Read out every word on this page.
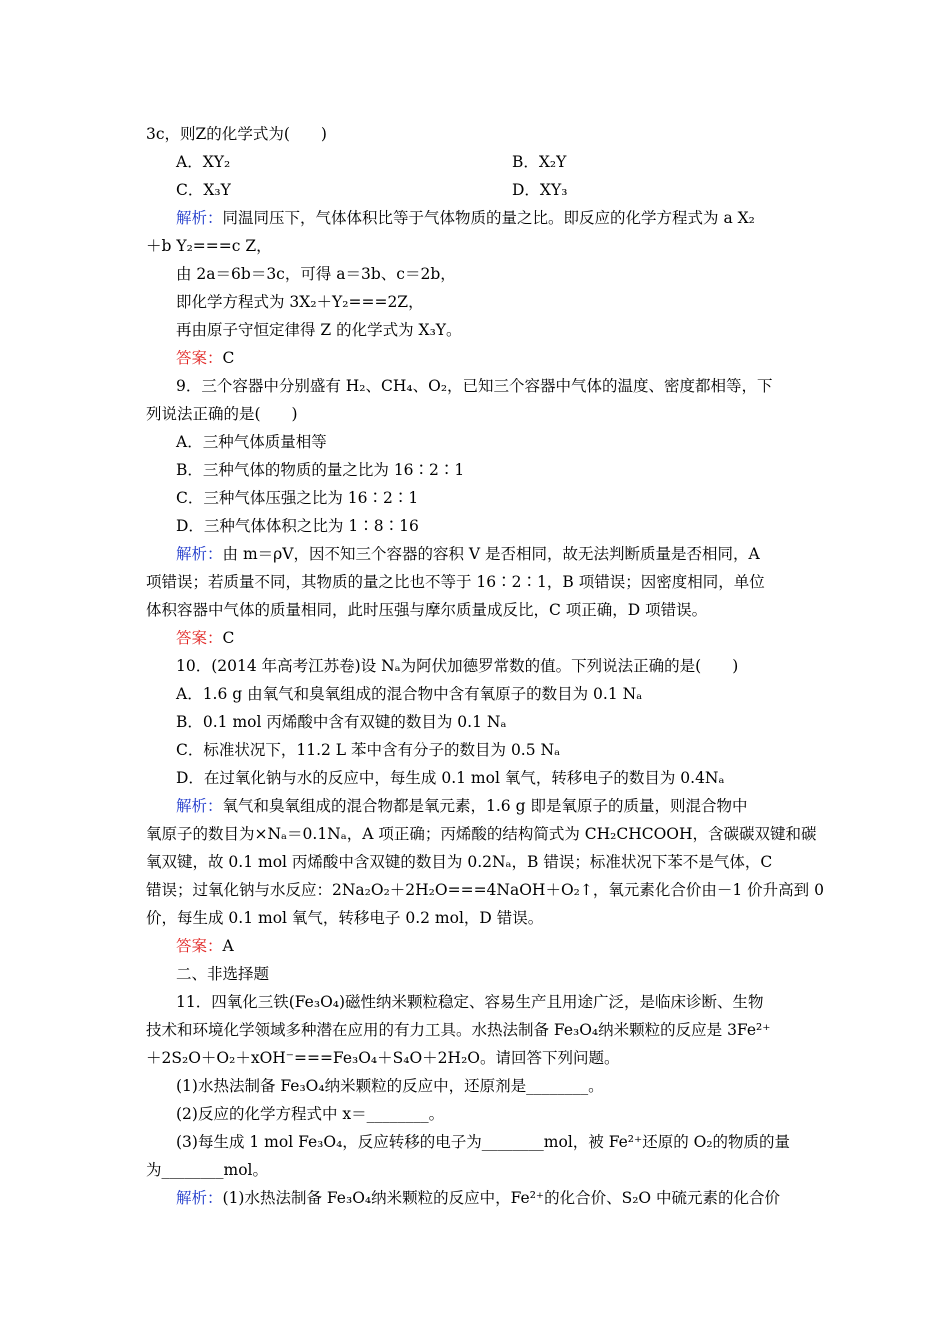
3c，则Z的化学式为(　　)
A．XY₂	B．X₂Y
C．X₃Y	D．XY₃
解析：同温同压下，气体体积比等于气体物质的量之比。即反应的化学方程式为 a X₂
＋b Y₂===c Z，
由 2a＝6b＝3c，可得 a＝3b、c＝2b，
即化学方程式为 3X₂＋Y₂===2Z，
再由原子守恒定律得 Z 的化学式为 X₃Y。
答案：C
9．三个容器中分别盛有 H₂、CH₄、O₂，已知三个容器中气体的温度、密度都相等，下
列说法正确的是(　　)
A．三种气体质量相等
B．三种气体的物质的量之比为 16∶2∶1
C．三种气体压强之比为 16∶2∶1
D．三种气体体积之比为 1∶8∶16
解析：由 m＝ρV，因不知三个容器的容积 V 是否相同，故无法判断质量是否相同，A
项错误；若质量不同，其物质的量之比也不等于 16∶2∶1，B 项错误；因密度相同，单位
体积容器中气体的质量相同，此时压强与摩尔质量成反比，C 项正确，D 项错误。
答案：C
10．(2014 年高考江苏卷)设 Nₐ为阿伏加德罗常数的值。下列说法正确的是(　　)
A．1.6 g 由氧气和臭氧组成的混合物中含有氧原子的数目为 0.1 Nₐ
B．0.1 mol 丙烯酸中含有双键的数目为 0.1 Nₐ
C．标准状况下，11.2 L 苯中含有分子的数目为 0.5 Nₐ
D．在过氧化钠与水的反应中，每生成 0.1 mol 氧气，转移电子的数目为 0.4Nₐ
解析：氧气和臭氧组成的混合物都是氧元素，1.6 g 即是氧原子的质量，则混合物中
氧原子的数目为×Nₐ＝0.1Nₐ，A 项正确；丙烯酸的结构简式为 CH₂CHCOOH，含碳碳双键和碳
氧双键，故 0.1 mol 丙烯酸中含双键的数目为 0.2Nₐ，B 错误；标准状况下苯不是气体，C
错误；过氧化钠与水反应：2Na₂O₂＋2H₂O===4NaOH＋O₂↑，氧元素化合价由－1 价升高到 0
价，每生成 0.1 mol 氧气，转移电子 0.2 mol，D 错误。
答案：A
二、非选择题
11．四氧化三铁(Fe₃O₄)磁性纳米颗粒稳定、容易生产且用途广泛，是临床诊断、生物
技术和环境化学领域多种潜在应用的有力工具。水热法制备 Fe₃O₄纳米颗粒的反应是 3Fe²⁺
＋2S₂O＋O₂＋xOH⁻===Fe₃O₄＋S₄O＋2H₂O。请回答下列问题。
(1)水热法制备 Fe₃O₄纳米颗粒的反应中，还原剂是________。
(2)反应的化学方程式中 x＝________。
(3)每生成 1 mol Fe₃O₄，反应转移的电子为________mol，被 Fe²⁺还原的 O₂的物质的量
为________mol。
解析：(1)水热法制备 Fe₃O₄纳米颗粒的反应中，Fe²⁺的化合价、S₂O 中硫元素的化合价
